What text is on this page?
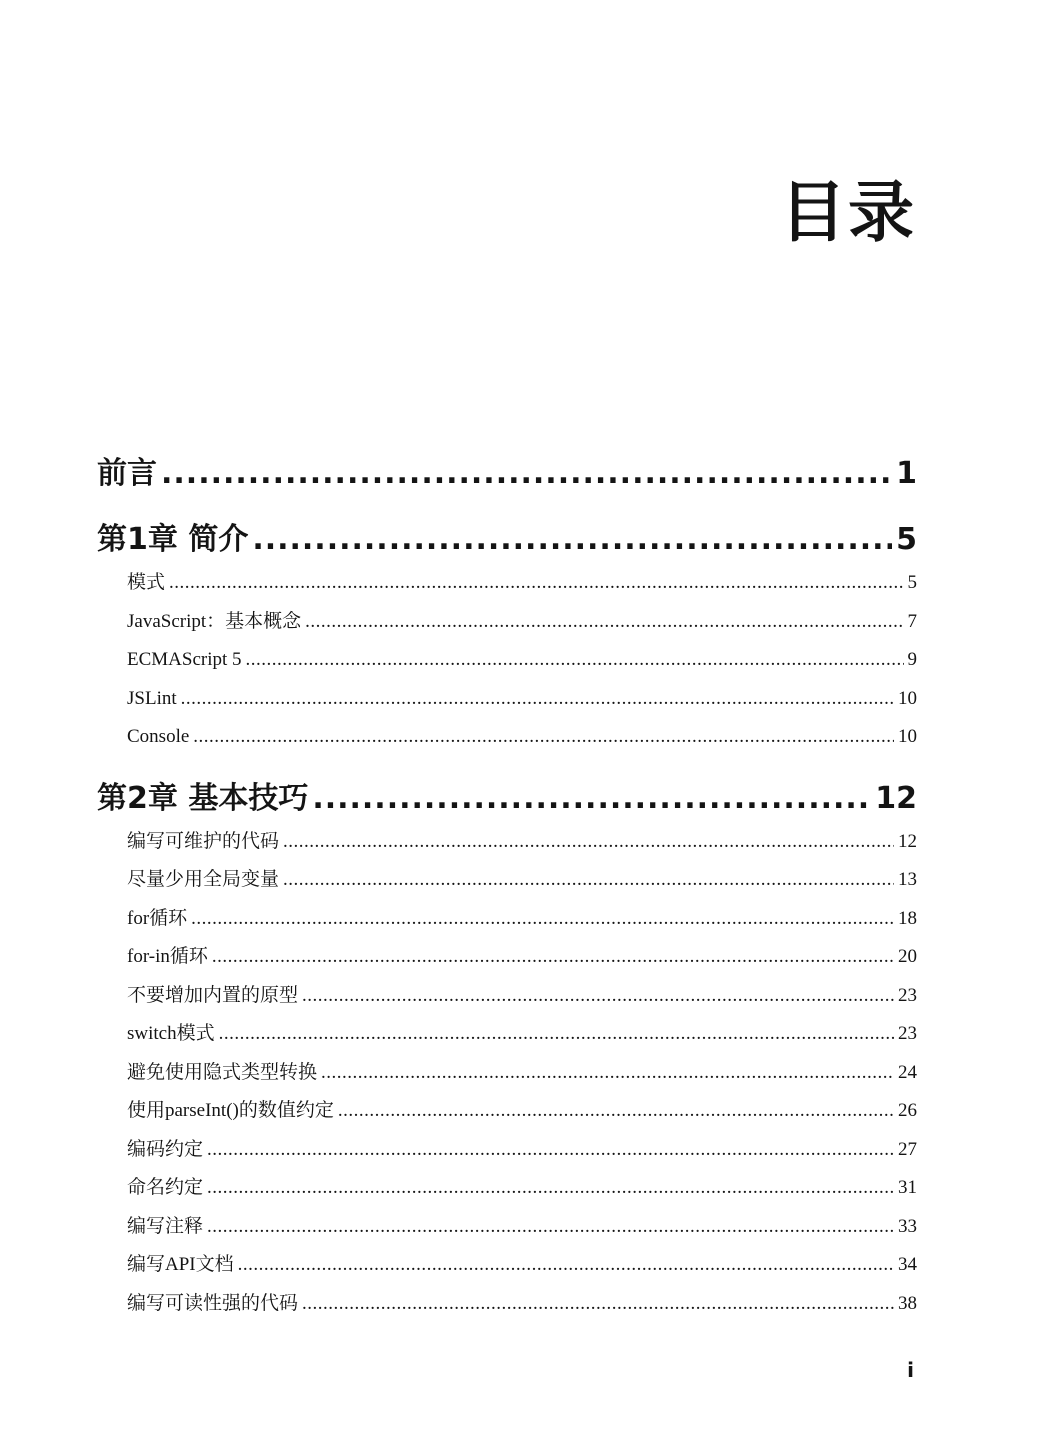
目录
前言 .....	1
第1章 简介 .....	5
模式 .....	5
JavaScript：基本概念 .....	7
ECMAScript 5 .....	9
JSLint .....	10
Console .....	10
第2章 基本技巧 .....	12
编写可维护的代码 .....	12
尽量少用全局变量 .....	13
for循环 .....	18
for-in循环 .....	20
不要增加内置的原型 .....	23
switch模式 .....	23
避免使用隐式类型转换 .....	24
使用parseInt()的数值约定 .....	26
编码约定 .....	27
命名约定 .....	31
编写注释 .....	33
编写API文档 .....	34
编写可读性强的代码 .....	38
i
